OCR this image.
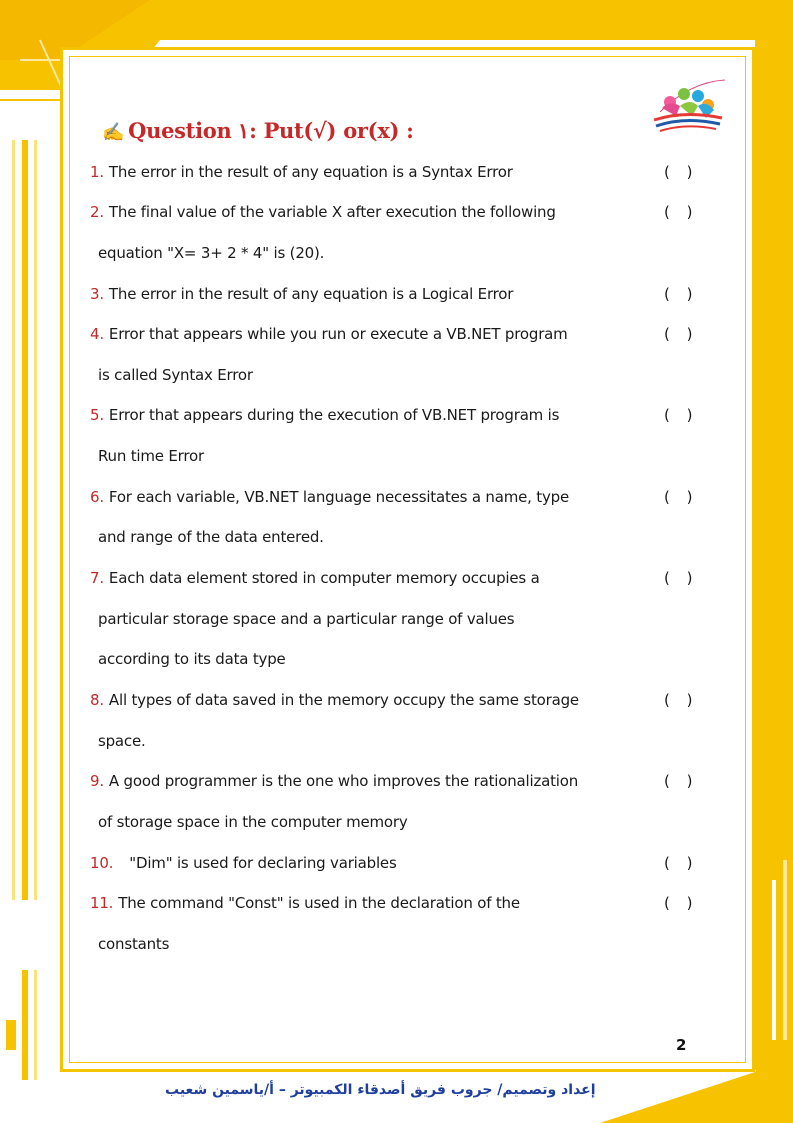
✍ Question ١: Put(√) or(x) :
1. The error in the result of any equation is a Syntax Error	( )
2. The final value of the variable X after execution the following
equation "X= 3+ 2 * 4" is (20).
( )
3. The error in the result of any equation is a Logical Error	( )
4. Error that appears while you run or execute a VB.NET program
is called Syntax Error
( )
5. Error that appears during the execution of VB.NET program is
Run time Error
( )
6. For each variable, VB.NET language necessitates a name, type
and range of the data entered.
( )
7. Each data element stored in computer memory occupies a
particular storage space and a particular range of values
according to its data type
( )
8. All types of data saved in the memory occupy the same storage
space.
( )
9. A good programmer is the one who improves the rationalization
of storage space in the computer memory
( )
10. "Dim" is used for declaring variables	( )
11. The command "Const" is used in the declaration of the
constants
( )
2
إعداد وتصميم/ جروب فريق أصدقاء الكمبيوتر – أ/ياسمين شعيب
